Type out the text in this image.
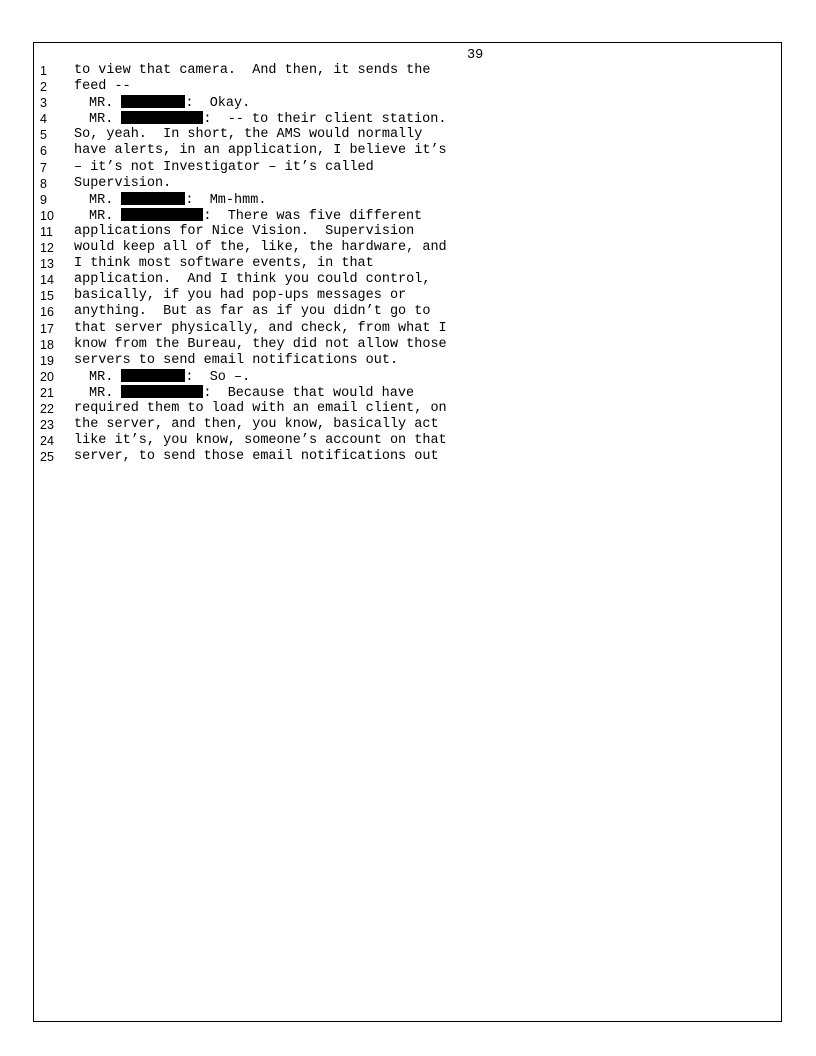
39
1 to view that camera.  And then, it sends the
2 feed --
3	MR.	:  Okay.
4	MR.	:  -- to their client station.
5 So, yeah.  In short, the AMS would normally
6 have alerts, in an application, I believe it’s
7 – it’s not Investigator – it’s called
8 Supervision.
9	MR.	:  Mm-hmm.
10	MR.	:  There was five different
11 applications for Nice Vision.  Supervision
12 would keep all of the, like, the hardware, and
13 I think most software events, in that
14 application.  And I think you could control,
15 basically, if you had pop-ups messages or
16 anything.  But as far as if you didn’t go to
17 that server physically, and check, from what I
18 know from the Bureau, they did not allow those
19 servers to send email notifications out.
20	MR.	:  So –.
21	MR.	:  Because that would have
22 required them to load with an email client, on
23 the server, and then, you know, basically act
24 like it’s, you know, someone’s account on that
25 server, to send those email notifications out
